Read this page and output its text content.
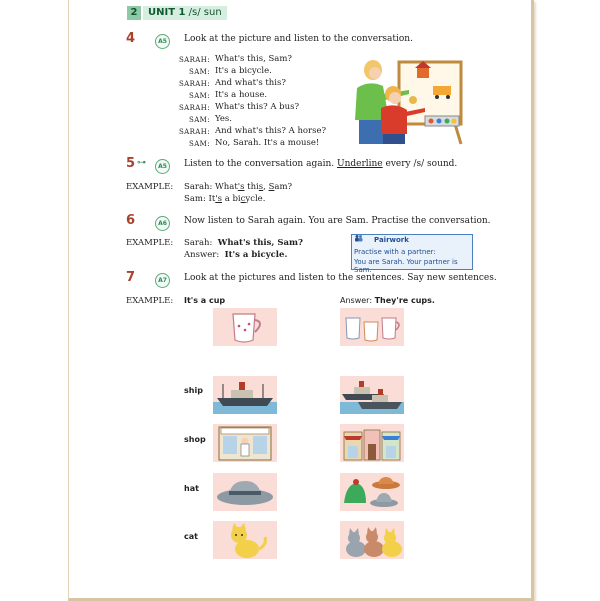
2	UNIT 1 /s/ sun
4	A5	Look at the picture and listen to the conversation.
SARAH: What's this, Sam?
SAM: It's a bicycle.
SARAH: And what's this?
SAM: It's a house.
SARAH: What's this? A bus?
SAM: Yes.
SARAH: And what's this? A horse?
SAM: No, Sarah. It's a mouse!
5 ⊶	A5	Listen to the conversation again. Underline every /s/ sound.
EXAMPLE: Sarah: What's this, Sam?
Sam: It's a bicycle.
6	A6	Now listen to Sarah again. You are Sam. Practise the conversation.
EXAMPLE: Sarah: What's this, Sam?
Answer: It's a bicycle.
Pairwork
Practise with a partner:
You are Sarah. Your partner is Sam.
7	A7	Look at the pictures and listen to the sentences. Say new sentences.
EXAMPLE: It's a cup	Answer: They're cups.
ship
shop
hat
cat
